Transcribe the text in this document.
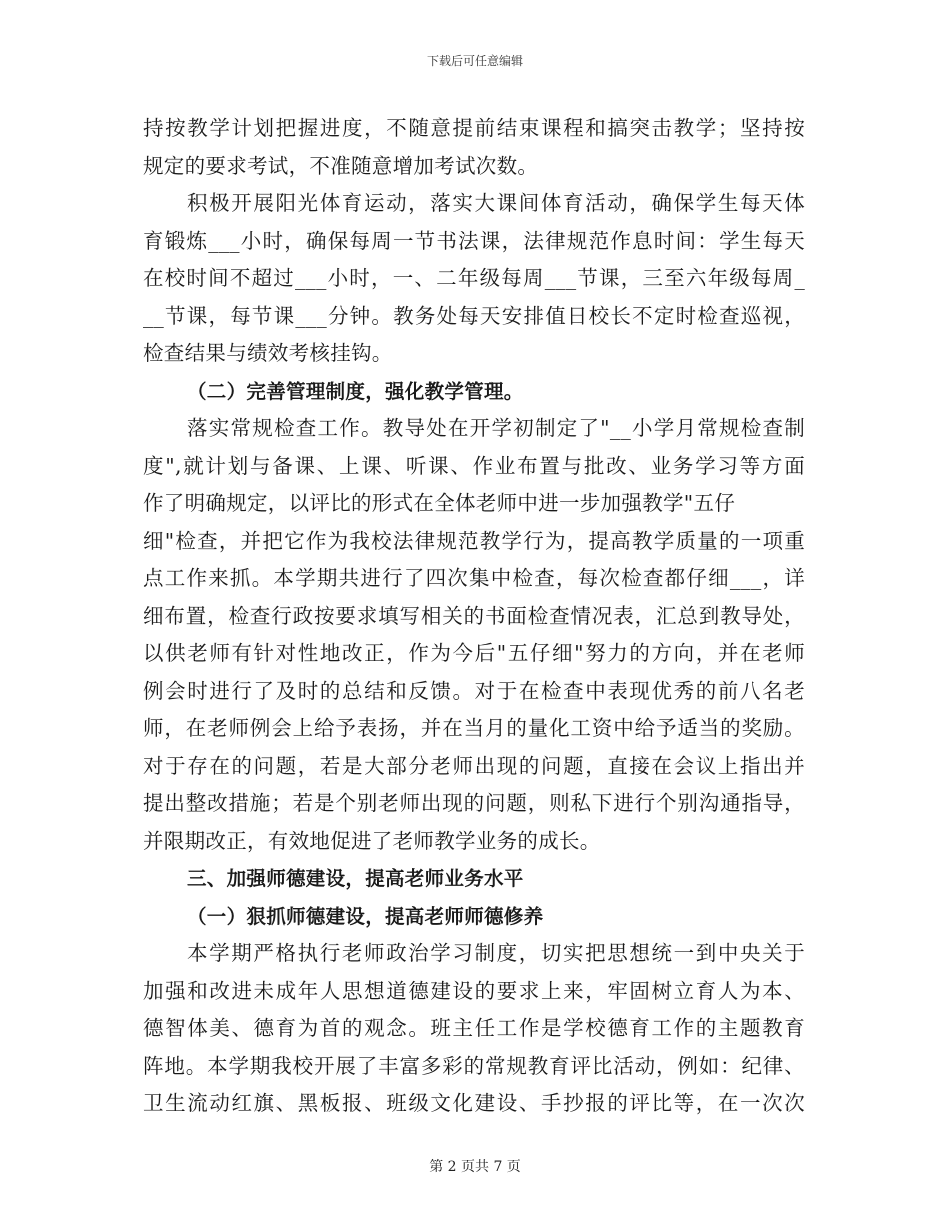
下载后可任意编辑
持按教学计划把握进度，不随意提前结束课程和搞突击教学；坚持按
规定的要求考试，不准随意增加考试次数。
积极开展阳光体育运动，落实大课间体育活动，确保学生每天体
育锻炼___小时，确保每周一节书法课，法律规范作息时间：学生每天
在校时间不超过___小时，一、二年级每周___节课，三至六年级每周_
__节课，每节课___分钟。教务处每天安排值日校长不定时检查巡视，
检查结果与绩效考核挂钩。
（二）完善管理制度，强化教学管理。
落实常规检查工作。教导处在开学初制定了"__小学月常规检查制
度",就计划与备课、上课、听课、作业布置与批改、业务学习等方面
作了明确规定，以评比的形式在全体老师中进一步加强教学"五仔
细"检查，并把它作为我校法律规范教学行为，提高教学质量的一项重
点工作来抓。本学期共进行了四次集中检查，每次检查都仔细___，详
细布置，检查行政按要求填写相关的书面检查情况表，汇总到教导处，
以供老师有针对性地改正，作为今后"五仔细"努力的方向，并在老师
例会时进行了及时的总结和反馈。对于在检查中表现优秀的前八名老
师，在老师例会上给予表扬，并在当月的量化工资中给予适当的奖励。
对于存在的问题，若是大部分老师出现的问题，直接在会议上指出并
提出整改措施；若是个别老师出现的问题，则私下进行个别沟通指导，
并限期改正，有效地促进了老师教学业务的成长。
三、加强师德建设，提高老师业务水平
（一）狠抓师德建设，提高老师师德修养
本学期严格执行老师政治学习制度，切实把思想统一到中央关于
加强和改进未成年人思想道德建设的要求上来，牢固树立育人为本、
德智体美、德育为首的观念。班主任工作是学校德育工作的主题教育
阵地。本学期我校开展了丰富多彩的常规教育评比活动，例如：纪律、
卫生流动红旗、黑板报、班级文化建设、手抄报的评比等，在一次次
第 2 页共 7 页
